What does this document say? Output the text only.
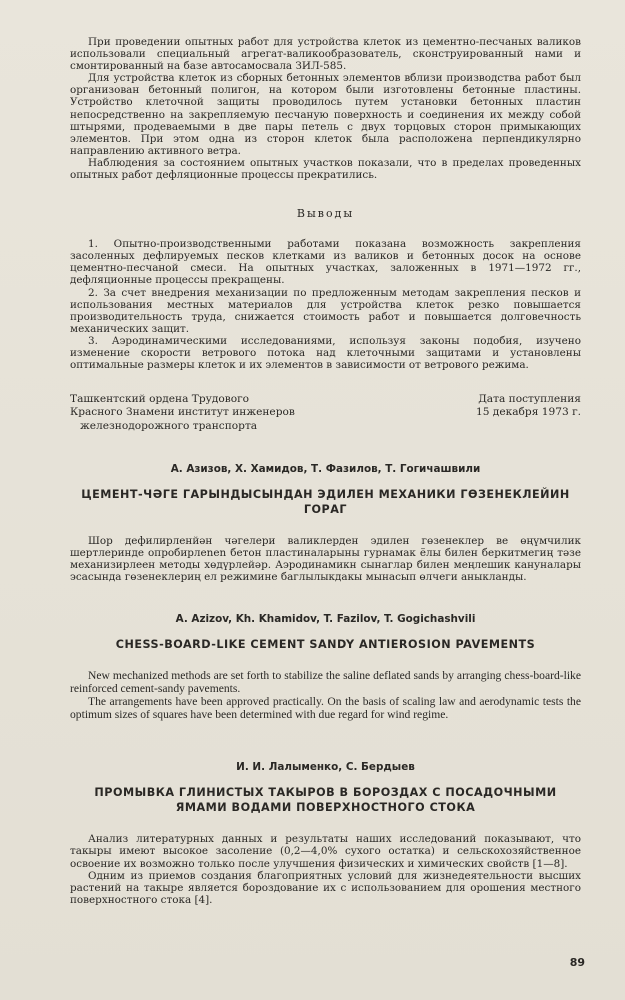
При проведении опытных работ для устройства клеток из цементно-песчаных валиков использовали специальный агрегат-валикообразователь, сконструированный нами и смонтированный на базе автосамосвала ЗИЛ-585.

Для устройства клеток из сборных бетонных элементов вблизи производства работ был организован бетонный полигон, на котором были изготовлены бетонные пластины. Устройство клеточной защиты проводилось путем установки бетонных пластин непосредственно на закрепляемую песчаную поверхность и соединения их между собой штырями, продеваемыми в две пары петель с двух торцовых сторон примыкающих элементов. При этом одна из сторон клеток была расположена перпендикулярно направлению активного ветра.

Наблюдения за состоянием опытных участков показали, что в пределах проведенных опытных работ дефляционные процессы прекратились.

Выводы

1. Опытно-производственными работами показана возможность закрепления засоленных дефлируемых песков клетками из валиков и бетонных досок на основе цементно-песчаной смеси. На опытных участках, заложенных в 1971—1972 гг., дефляционные процессы прекращены.

2. За счет внедрения механизации по предложенным методам закрепления песков и использования местных материалов для устройства клеток резко повышается производительность труда, снижается стоимость работ и повышается долговечность механических защит.

3. Аэродинамическими исследованиями, используя законы подобия, изучено изменение скорости ветрового потока над клеточными защитами и установлены оптимальные размеры клеток и их элементов в зависимости от ветрового режима.

Ташкентский ордена Трудового
Красного Знамени институт инженеров
железнодорожного транспорта
Дата поступления
15 декабря 1973 г.
А. Азизов, Х. Хамидов, Т. Фазилов, Т. Гогичашвили
ЦЕМЕНТ-ЧӘГЕ ГАРЫНДЫСЫНДАН ЭДИЛЕН МЕХАНИКИ ГӨЗЕНЕКЛЕЙИН ГОРАГ

Шор дефилирленйән чәгелери валиклерден эдилен гөзенеклер ве өңүмчилик шертлеринде опробирлenen бетон пластиналарыны гурнамак ёлы билен беркитмегиң тәзе механизирлеен методы хөдүрлейәр. Аэродинамикн сынаглар билен меңлешик кануналары эсасында гөзенеклериң ел режимине баглылыкдакы мынасып өлчеги аныкланды.

A. Azizov, Kh. Khamidov, T. Fazilov, T. Gogichashvili
CHESS-BOARD-LIKE CEMENT SANDY ANTIEROSION PAVEMENTS

New mechanized methods are set forth to stabilize the saline deflated sands by arranging chess-board-like reinforced cement-sandy pavements.

The arrangements have been approved practically. On the basis of scaling law and aerodynamic tests the optimum sizes of squares have been determined with due regard for wind regime.

И. И. Лалыменко, С. Бердыев
ПРОМЫВКА ГЛИНИСТЫХ ТАКЫРОВ В БОРОЗДАХ С ПОСАДОЧНЫМИ ЯМАМИ ВОДАМИ ПОВЕРХНОСТНОГО СТОКА

Анализ литературных данных и результаты наших исследований показывают, что такыры имеют высокое засоление (0,2—4,0% сухого остатка) и сельскохозяйственное освоение их возможно только после улучшения физических и химических свойств [1—8].

Одним из приемов создания благоприятных условий для жизнедеятельности высших растений на такыре является бороздование их с использованием для орошения местного поверхностного стока [4].

89
